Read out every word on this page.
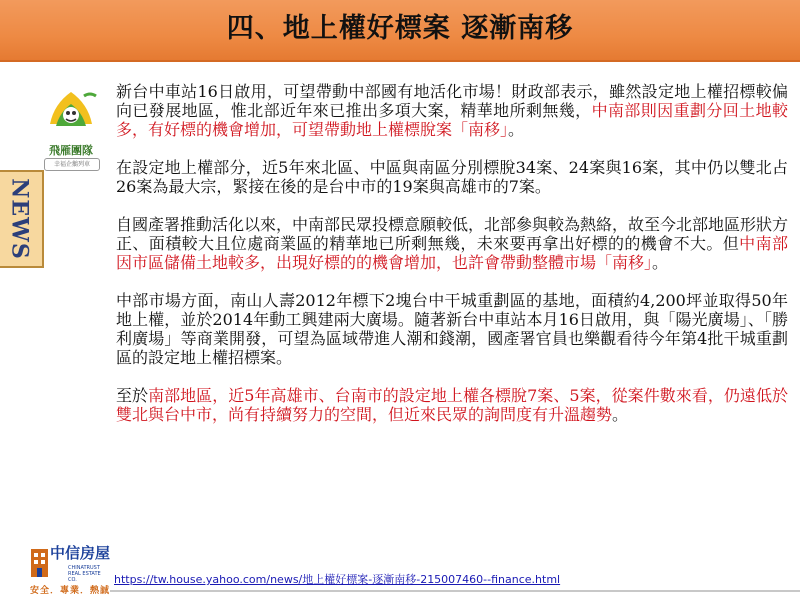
四、地上權好標案 逐漸南移
飛雁團隊
幸福企鵝列車
NEWS

新台中車站16日啟用，可望帶動中部國有地活化市場！財政部表示，雖然設定地上權招標較偏向已發展地區，惟北部近年來已推出多項大案，精華地所剩無幾，中南部則因重劃分回土地較多，有好標的機會增加，可望帶動地上權標脫案「南移」。

在設定地上權部分，近5年來北區、中區與南區分別標脫34案、24案與16案，其中仍以雙北占26案為最大宗，緊接在後的是台中市的19案與高雄市的7案。

自國產署推動活化以來，中南部民眾投標意願較低，北部參與較為熱絡，故至今北部地區形狀方正、面積較大且位處商業區的精華地已所剩無幾，未來要再拿出好標的的機會不大。但中南部因市區儲備土地較多，出現好標的的機會增加，也許會帶動整體市場「南移」。

中部市場方面，南山人壽2012年標下2塊台中干城重劃區的基地，面積約4,200坪並取得50年地上權，並於2014年動工興建兩大廣場。隨著新台中車站本月16日啟用，與「陽光廣場」、「勝利廣場」等商業開發，可望為區域帶進人潮和錢潮，國產署官員也樂觀看待今年第4批干城重劃區的設定地上權招標案。

至於南部地區，近5年高雄市、台南市的設定地上權各標脫7案、5案，從案件數來看，仍遠低於雙北與台中市，尚有持續努力的空間，但近來民眾的詢問度有升溫趨勢。

中信房屋
CHINATRUST REAL ESTATE CO.
安全．專業．熱誠
https://tw.house.yahoo.com/news/地上權好標案-逐漸南移-215007460--finance.html
